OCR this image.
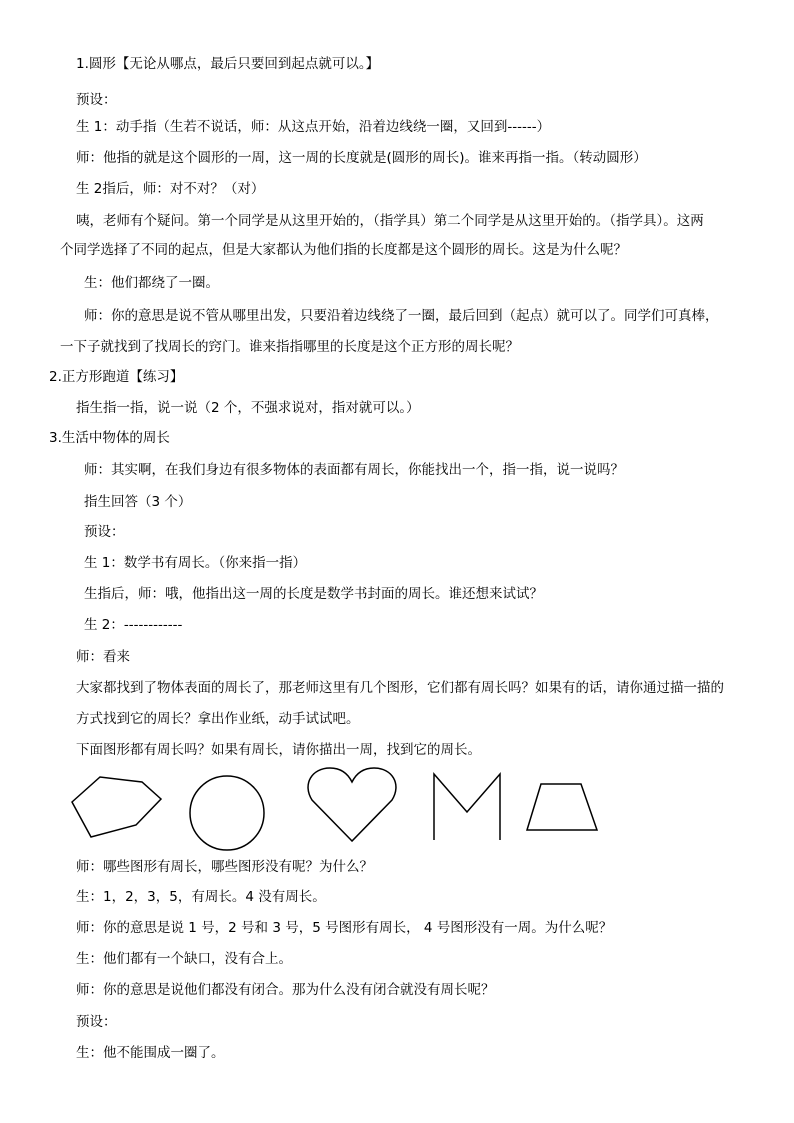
1.圆形【无论从哪点，最后只要回到起点就可以。】
预设：
生 1：动手指（生若不说话，师：从这点开始，沿着边线绕一圈，又回到------）
师：他指的就是这个圆形的一周，这一周的长度就是(圆形的周长)。谁来再指一指。（转动圆形）
生 2指后，师：对不对？（对）
咦，老师有个疑问。第一个同学是从这里开始的，（指学具）第二个同学是从这里开始的。（指学具）。这两
个同学选择了不同的起点，但是大家都认为他们指的长度都是这个圆形的周长。这是为什么呢？
生：他们都绕了一圈。
师：你的意思是说不管从哪里出发，只要沿着边线绕了一圈，最后回到（起点）就可以了。同学们可真棒，
一下子就找到了找周长的窍门。谁来指指哪里的长度是这个正方形的周长呢？
2.正方形跑道【练习】
指生指一指，说一说（2 个，不强求说对，指对就可以。）
3.生活中物体的周长
师：其实啊，在我们身边有很多物体的表面都有周长，你能找出一个，指一指，说一说吗？
指生回答（3 个）
预设：
生 1：数学书有周长。（你来指一指）
生指后，师：哦，他指出这一周的长度是数学书封面的周长。谁还想来试试？
生 2：------------
师：看来
大家都找到了物体表面的周长了，那老师这里有几个图形，它们都有周长吗？如果有的话，请你通过描一描的
方式找到它的周长？拿出作业纸，动手试试吧。
下面图形都有周长吗？如果有周长，请你描出一周，找到它的周长。
师：哪些图形有周长，哪些图形没有呢？为什么？
生：1，2，3，5，有周长。4 没有周长。
师：你的意思是说 1 号，2 号和 3 号，5 号图形有周长， 4 号图形没有一周。为什么呢？
生：他们都有一个缺口，没有合上。
师：你的意思是说他们都没有闭合。那为什么没有闭合就没有周长呢？
预设：
生：他不能围成一圈了。
